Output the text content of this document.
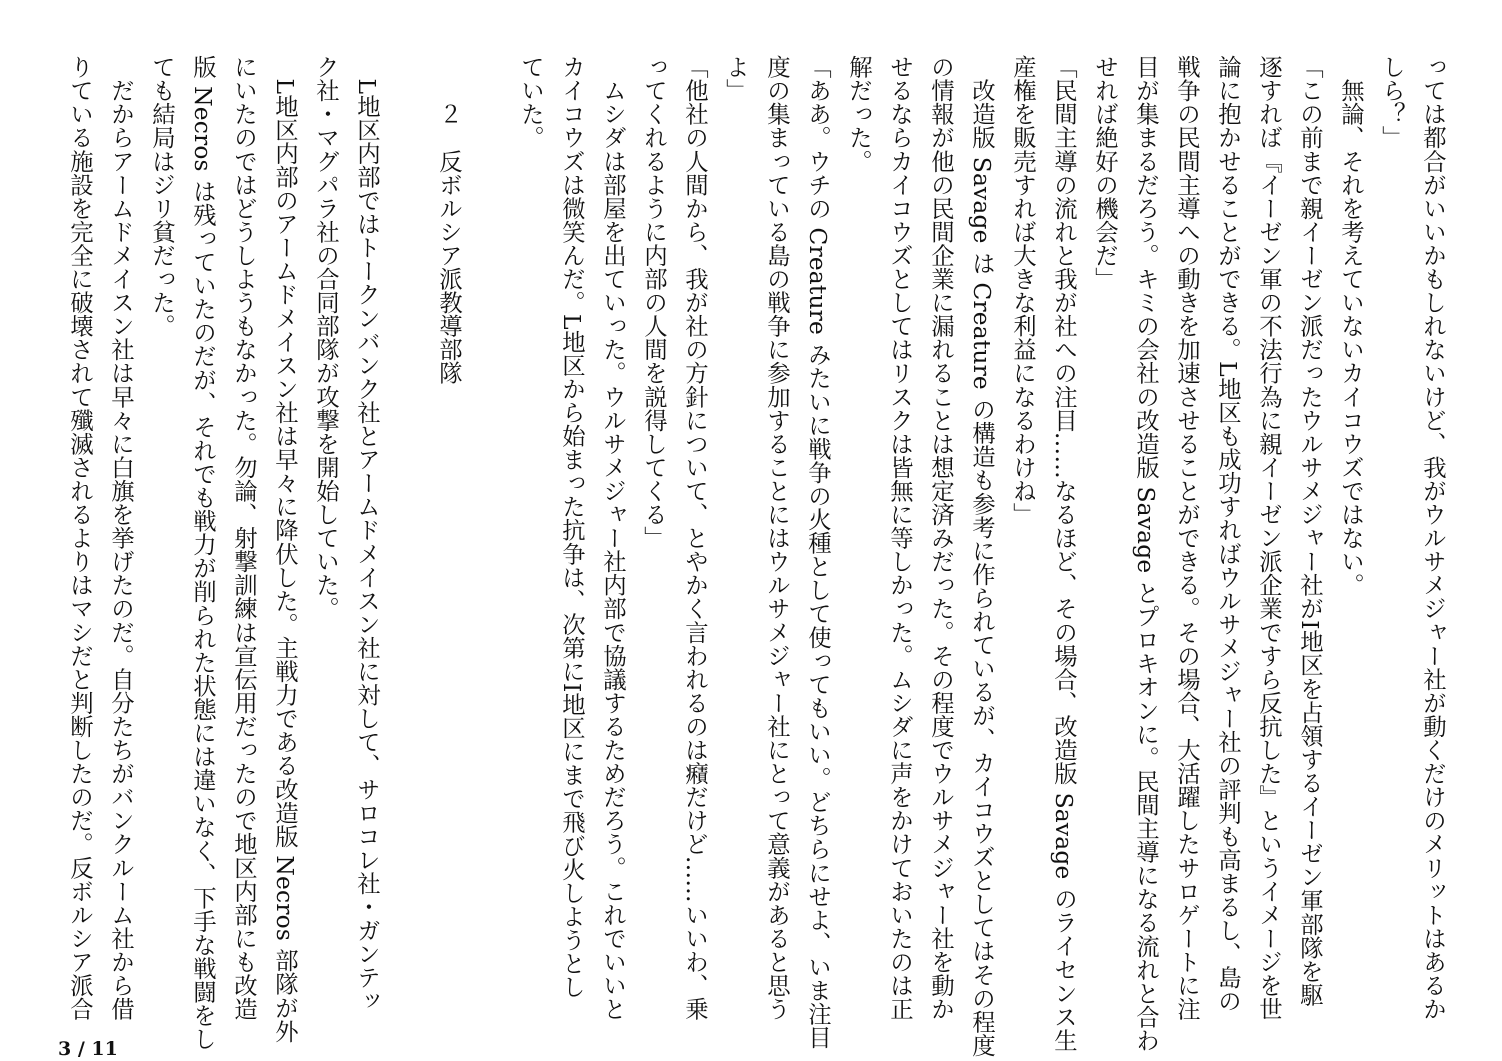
っては都合がいいかもしれないけど、我がウルサメジャー社が動くだけのメリットはあるか
しら？」
　無論、それを考えていないカイコウズではない。
「この前まで親イーゼン派だったウルサメジャー社がI地区を占領するイーゼン軍部隊を駆
逐すれば『イーゼン軍の不法行為に親イーゼン派企業ですら反抗した』というイメージを世
論に抱かせることができる。L地区も成功すればウルサメジャー社の評判も高まるし、島の
戦争の民間主導への動きを加速させることができる。その場合、大活躍したサロゲートに注
目が集まるだろう。キミの会社の改造版 Savage とプロキオンに。民間主導になる流れと合わ
せれば絶好の機会だ」
「民間主導の流れと我が社への注目……なるほど、その場合、改造版 Savage のライセンス生
産権を販売すれば大きな利益になるわけね」
　改造版 Savage は Creature の構造も参考に作られているが、カイコウズとしてはその程度
の情報が他の民間企業に漏れることは想定済みだった。その程度でウルサメジャー社を動か
せるならカイコウズとしてはリスクは皆無に等しかった。ムシダに声をかけておいたのは正
解だった。
「ああ。ウチの Creature みたいに戦争の火種として使ってもいい。どちらにせよ、いま注目
度の集まっている島の戦争に参加することにはウルサメジャー社にとって意義があると思う
よ」
「他社の人間から、我が社の方針について、とやかく言われるのは癪だけど……いいわ、乗
ってくれるように内部の人間を説得してくる」
　ムシダは部屋を出ていった。ウルサメジャー社内部で協議するためだろう。これでいいと
カイコウズは微笑んだ。L地区から始まった抗争は、次第にI地区にまで飛び火しようとし
ていた。
　　２　反ボルシア派教導部隊
　L地区内部ではトークンバンク社とアームドメイスン社に対して、サロコレ社・ガンテッ
ク社・マグパラ社の合同部隊が攻撃を開始していた。
　L地区内部のアームドメイスン社は早々に降伏した。主戦力である改造版 Necros 部隊が外
にいたのではどうしようもなかった。勿論、射撃訓練は宣伝用だったので地区内部にも改造
版 Necros は残っていたのだが、それでも戦力が削られた状態には違いなく、下手な戦闘をし
ても結局はジリ貧だった。
　だからアームドメイスン社は早々に白旗を挙げたのだ。自分たちがバンクルーム社から借
りている施設を完全に破壊されて殲滅されるよりはマシだと判断したのだ。反ボルシア派合
3 / 11
